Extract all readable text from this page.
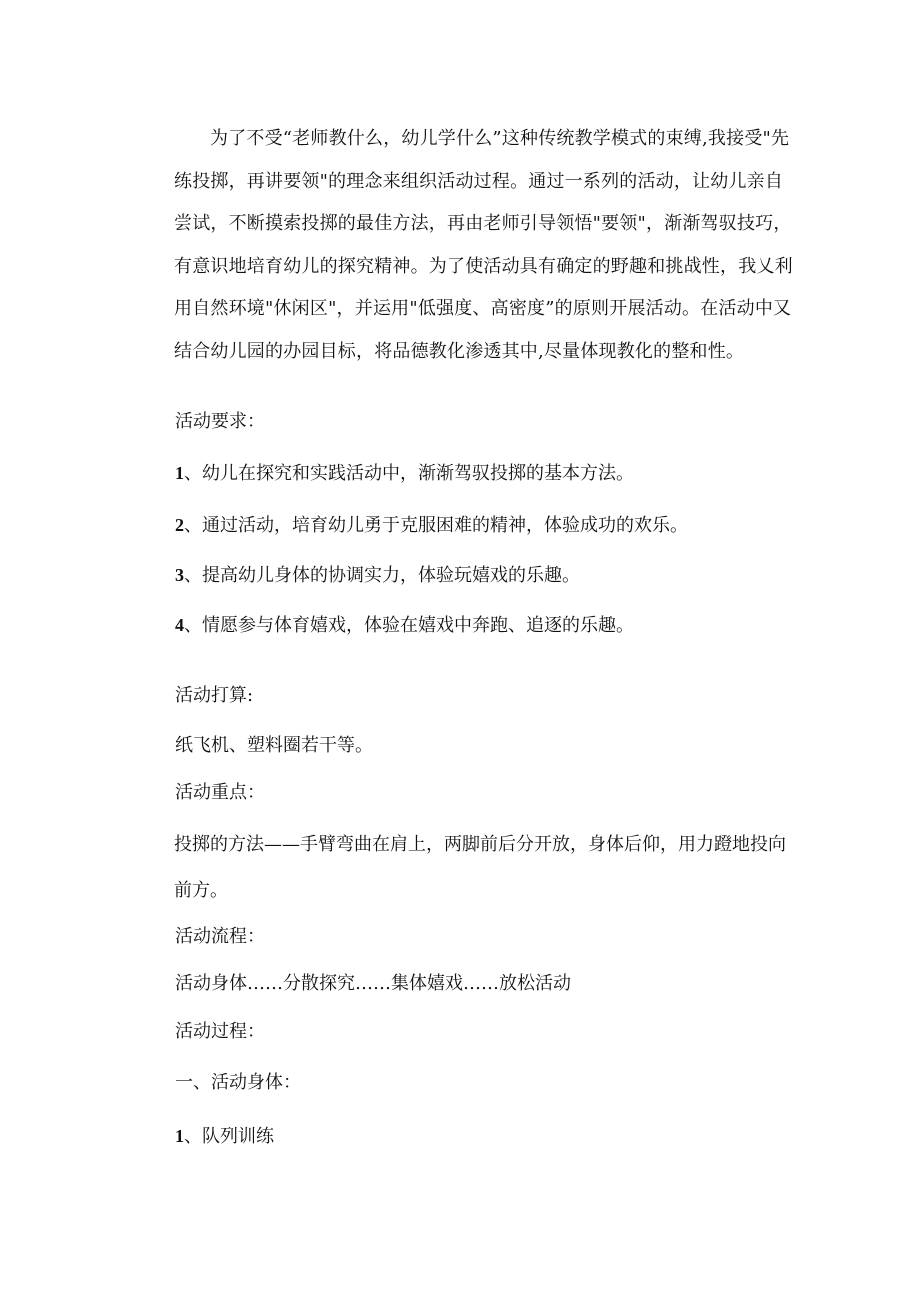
为了不受“老师教什么，幼儿学什么”这种传统教学模式的束缚,我接受"先练投掷，再讲要领"的理念来组织活动过程。通过一系列的活动，让幼儿亲自尝试，不断摸索投掷的最佳方法，再由老师引导领悟"要领"，渐渐驾驭技巧，有意识地培育幼儿的探究精神。为了使活动具有确定的野趣和挑战性，我乂利用自然环境"休闲区"，并运用"低强度、高密度”的原则开展活动。在活动中又结合幼儿园的办园目标，将品德教化渗透其中,尽量体现教化的整和性。

活动要求：

1、幼儿在探究和实践活动中，渐渐驾驭投掷的基本方法。

2、通过活动，培育幼儿勇于克服困难的精神，体验成功的欢乐。

3、提高幼儿身体的协调实力，体验玩嬉戏的乐趣。

4、情愿参与体育嬉戏，体验在嬉戏中奔跑、追逐的乐趣。

活动打算:

纸飞机、塑料圈若干等。

活动重点：

投掷的方法——手臂弯曲在肩上，两脚前后分开放，身体后仰，用力蹬地投向前方。

活动流程：

活动身体……分散探究……集体嬉戏……放松活动

活动过程：

一、活动身体：

1、队列训练
